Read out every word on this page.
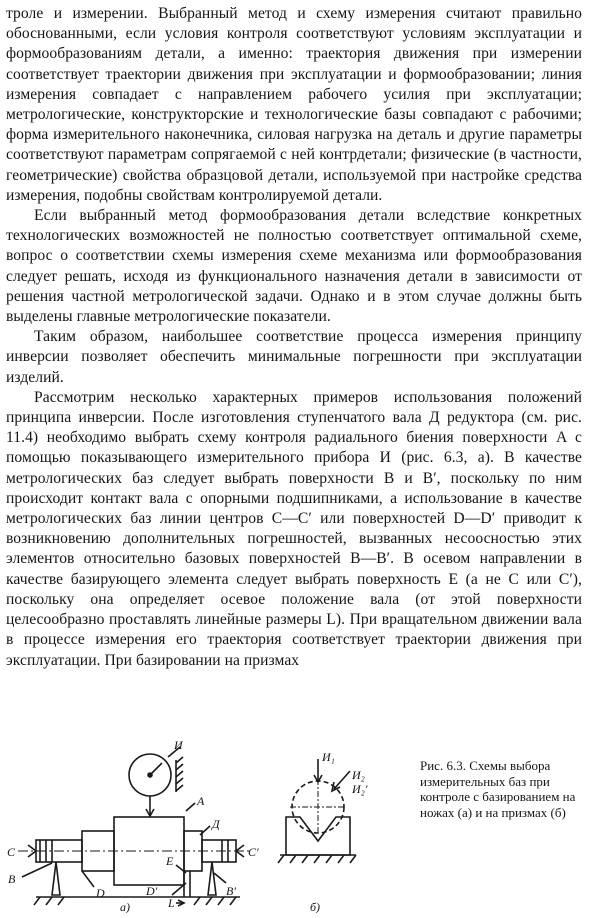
троле и измерении. Выбранный метод и схему измерения считают правильно обоснованными, если условия контроля соответствуют условиям эксплуатации и формообразованиям детали, а именно: траектория движения при измерении соответствует траектории движения при эксплуатации и формообразовании; линия измерения совпадает с направлением рабочего усилия при эксплуатации; метрологические, конструкторские и технологические базы совпадают с рабочими; форма измерительного наконечника, силовая нагрузка на деталь и другие параметры соответствуют параметрам сопрягаемой с ней контрдетали; физические (в частности, геометрические) свойства образцовой детали, используемой при настройке средства измерения, подобны свойствам контролируемой детали.

Если выбранный метод формообразования детали вследствие конкретных технологических возможностей не полностью соответствует оптимальной схеме, вопрос о соответствии схемы измерения схеме механизма или формообразования следует решать, исходя из функционального назначения детали в зависимости от решения частной метрологической задачи. Однако и в этом случае должны быть выделены главные метрологические показатели.

Таким образом, наибольшее соответствие процесса измерения принципу инверсии позволяет обеспечить минимальные погрешности при эксплуатации изделий.

Рассмотрим несколько характерных примеров использования положений принципа инверсии. После изготовления ступенчатого вала Д редуктора (см. рис. 11.4) необходимо выбрать схему контроля радиального биения поверхности A с помощью показывающего измерительного прибора И (рис. 6.3, а). В качестве метрологических баз следует выбрать поверхности B и B′, поскольку по ним происходит контакт вала с опорными подшипниками, а использование в качестве метрологических баз линии центров C—C′ или поверхностей D—D′ приводит к возникновению дополнительных погрешностей, вызванных несоосностью этих элементов относительно базовых поверхностей B—B′. В осевом направлении в качестве базирующего элемента следует выбрать поверхность E (а не C или C′), поскольку она определяет осевое положение вала (от этой поверхности целесообразно проставлять линейные размеры L). При вращательном движении вала в процессе измерения его траектория соответствует траектории движения при эксплуатации. При базировании на призмах

И
A
Д
C	C′
B
D
E
D′
L
B′
а)
И₁
И₂
И₂′
б)
Рис. 6.3. Схемы выбора измерительных баз при контроле с базированием на ножах (а) и на призмах (б)
